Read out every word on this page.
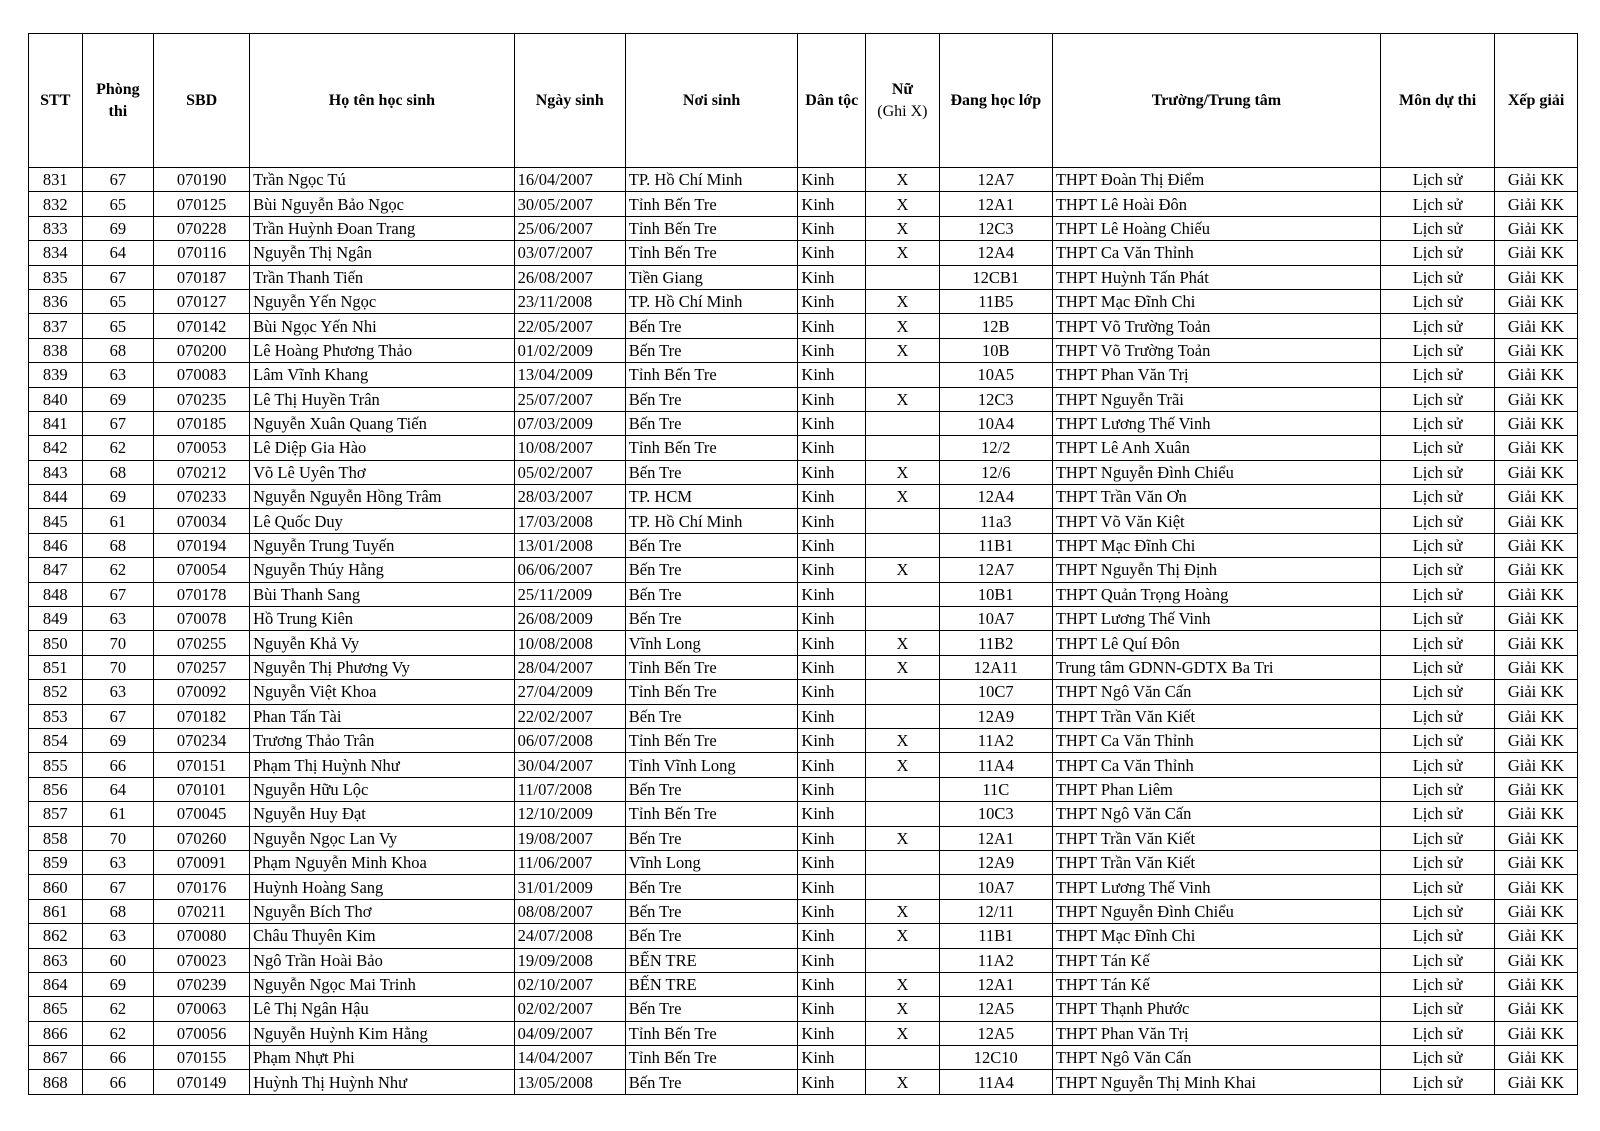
STT	Phòng thi	SBD	Họ tên học sinh	Ngày sinh	Nơi sinh	Dân tộc	Nữ
(Ghi X)	Đang học lớp	Trường/Trung tâm	Môn dự thi	Xếp giải
831	67	070190	Trần Ngọc Tú	16/04/2007	TP. Hồ Chí Minh	Kinh	X	12A7	THPT Đoàn Thị Điểm	Lịch sử	Giải KK
832	65	070125	Bùi Nguyễn Bảo Ngọc	30/05/2007	Tỉnh Bến Tre	Kinh	X	12A1	THPT Lê Hoài Đôn	Lịch sử	Giải KK
833	69	070228	Trần Huỳnh Đoan Trang	25/06/2007	Tỉnh Bến Tre	Kinh	X	12C3	THPT Lê Hoàng Chiếu	Lịch sử	Giải KK
834	64	070116	Nguyễn Thị Ngân	03/07/2007	Tỉnh Bến Tre	Kinh	X	12A4	THPT Ca Văn Thỉnh	Lịch sử	Giải KK
835	67	070187	Trần Thanh Tiến	26/08/2007	Tiền Giang	Kinh		12CB1	THPT Huỳnh Tấn Phát	Lịch sử	Giải KK
836	65	070127	Nguyễn Yến Ngọc	23/11/2008	TP. Hồ Chí Minh	Kinh	X	11B5	THPT Mạc Đĩnh Chi	Lịch sử	Giải KK
837	65	070142	Bùi Ngọc Yến Nhi	22/05/2007	Bến Tre	Kinh	X	12B	THPT Võ Trường Toản	Lịch sử	Giải KK
838	68	070200	Lê Hoàng Phương Thảo	01/02/2009	Bến Tre	Kinh	X	10B	THPT Võ Trường Toản	Lịch sử	Giải KK
839	63	070083	Lâm Vĩnh Khang	13/04/2009	Tỉnh Bến Tre	Kinh		10A5	THPT Phan Văn Trị	Lịch sử	Giải KK
840	69	070235	Lê Thị Huyền Trân	25/07/2007	Bến Tre	Kinh	X	12C3	THPT Nguyễn Trãi	Lịch sử	Giải KK
841	67	070185	Nguyễn Xuân Quang Tiến	07/03/2009	Bến Tre	Kinh		10A4	THPT Lương Thế Vinh	Lịch sử	Giải KK
842	62	070053	Lê Diệp Gia Hào	10/08/2007	Tỉnh Bến Tre	Kinh		12/2	THPT Lê Anh Xuân	Lịch sử	Giải KK
843	68	070212	Võ Lê Uyên Thơ	05/02/2007	Bến Tre	Kinh	X	12/6	THPT Nguyễn Đình Chiểu	Lịch sử	Giải KK
844	69	070233	Nguyễn Nguyễn Hồng Trâm	28/03/2007	TP. HCM	Kinh	X	12A4	THPT Trần Văn Ơn	Lịch sử	Giải KK
845	61	070034	Lê Quốc Duy	17/03/2008	TP. Hồ Chí Minh	Kinh		11a3	THPT Võ Văn Kiệt	Lịch sử	Giải KK
846	68	070194	Nguyễn Trung Tuyến	13/01/2008	Bến Tre	Kinh		11B1	THPT Mạc Đĩnh Chi	Lịch sử	Giải KK
847	62	070054	Nguyễn Thúy Hằng	06/06/2007	Bến Tre	Kinh	X	12A7	THPT Nguyễn Thị Định	Lịch sử	Giải KK
848	67	070178	Bùi Thanh Sang	25/11/2009	Bến Tre	Kinh		10B1	THPT Quản Trọng Hoàng	Lịch sử	Giải KK
849	63	070078	Hồ Trung Kiên	26/08/2009	Bến Tre	Kinh		10A7	THPT Lương Thế Vinh	Lịch sử	Giải KK
850	70	070255	Nguyễn Khả Vy	10/08/2008	Vĩnh Long	Kinh	X	11B2	THPT Lê Quí Đôn	Lịch sử	Giải KK
851	70	070257	Nguyễn Thị Phương Vy	28/04/2007	Tỉnh Bến Tre	Kinh	X	12A11	Trung tâm GDNN-GDTX Ba Tri	Lịch sử	Giải KK
852	63	070092	Nguyễn Việt Khoa	27/04/2009	Tỉnh Bến Tre	Kinh		10C7	THPT Ngô Văn Cấn	Lịch sử	Giải KK
853	67	070182	Phan Tấn Tài	22/02/2007	Bến Tre	Kinh		12A9	THPT Trần Văn Kiết	Lịch sử	Giải KK
854	69	070234	Trương Thảo Trân	06/07/2008	Tỉnh Bến Tre	Kinh	X	11A2	THPT Ca Văn Thỉnh	Lịch sử	Giải KK
855	66	070151	Phạm Thị Huỳnh Như	30/04/2007	Tỉnh Vĩnh Long	Kinh	X	11A4	THPT Ca Văn Thỉnh	Lịch sử	Giải KK
856	64	070101	Nguyễn Hữu Lộc	11/07/2008	Bến Tre	Kinh		11C	THPT Phan Liêm	Lịch sử	Giải KK
857	61	070045	Nguyễn Huy Đạt	12/10/2009	Tỉnh Bến Tre	Kinh		10C3	THPT Ngô Văn Cấn	Lịch sử	Giải KK
858	70	070260	Nguyễn Ngọc Lan Vy	19/08/2007	Bến Tre	Kinh	X	12A1	THPT Trần Văn Kiết	Lịch sử	Giải KK
859	63	070091	Phạm Nguyễn Minh Khoa	11/06/2007	Vĩnh Long	Kinh		12A9	THPT Trần Văn Kiết	Lịch sử	Giải KK
860	67	070176	Huỳnh Hoàng Sang	31/01/2009	Bến Tre	Kinh		10A7	THPT Lương Thế Vinh	Lịch sử	Giải KK
861	68	070211	Nguyễn Bích Thơ	08/08/2007	Bến Tre	Kinh	X	12/11	THPT Nguyễn Đình Chiểu	Lịch sử	Giải KK
862	63	070080	Châu Thuyên Kim	24/07/2008	Bến Tre	Kinh	X	11B1	THPT Mạc Đĩnh Chi	Lịch sử	Giải KK
863	60	070023	Ngô Trần Hoài Bảo	19/09/2008	BẾN TRE	Kinh		11A2	THPT Tán Kế	Lịch sử	Giải KK
864	69	070239	Nguyễn Ngọc Mai Trinh	02/10/2007	BẾN TRE	Kinh	X	12A1	THPT Tán Kế	Lịch sử	Giải KK
865	62	070063	Lê Thị Ngân Hậu	02/02/2007	Bến Tre	Kinh	X	12A5	THPT Thạnh Phước	Lịch sử	Giải KK
866	62	070056	Nguyễn Huỳnh Kim Hằng	04/09/2007	Tỉnh Bến Tre	Kinh	X	12A5	THPT Phan Văn Trị	Lịch sử	Giải KK
867	66	070155	Phạm Nhựt Phi	14/04/2007	Tỉnh Bến Tre	Kinh		12C10	THPT Ngô Văn Cấn	Lịch sử	Giải KK
868	66	070149	Huỳnh Thị Huỳnh Như	13/05/2008	Bến Tre	Kinh	X	11A4	THPT Nguyễn Thị Minh Khai	Lịch sử	Giải KK
